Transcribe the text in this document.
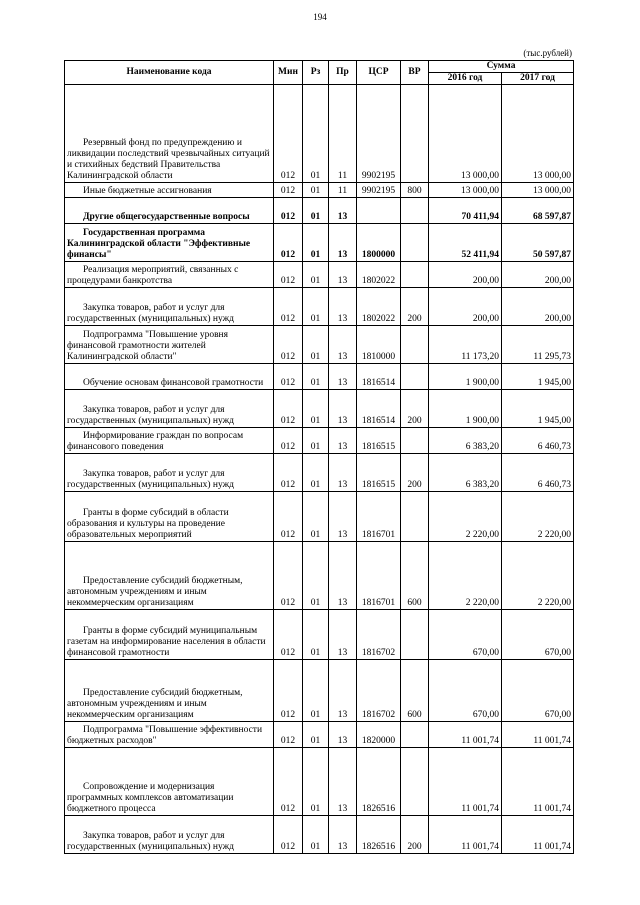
194
(тыс.рублей)
Наименование кода	Мин	Рз	Пр	ЦСР	ВР	Сумма	
						2016 год	2017 год
Резервный фонд по предупреждению и ликвидации последствий чрезвычайных ситуаций и стихийных бедствий Правительства Калининградской области	012	01	11	9902195		13 000,00	13 000,00
Иные бюджетные ассигнования	012	01	11	9902195	800	13 000,00	13 000,00
Другие общегосударственные вопросы	012	01	13			70 411,94	68 597,87
Государственная программа Калининградской области "Эффективные финансы"	012	01	13	1800000		52 411,94	50 597,87
Реализация мероприятий, связанных с процедурами банкротства	012	01	13	1802022		200,00	200,00
Закупка товаров, работ и услуг для государственных (муниципальных) нужд	012	01	13	1802022	200	200,00	200,00
Подпрограмма "Повышение уровня финансовой грамотности жителей Калининградской области"	012	01	13	1810000		11 173,20	11 295,73
Обучение основам финансовой грамотности	012	01	13	1816514		1 900,00	1 945,00
Закупка товаров, работ и услуг для государственных (муниципальных) нужд	012	01	13	1816514	200	1 900,00	1 945,00
Информирование граждан по вопросам финансового поведения	012	01	13	1816515		6 383,20	6 460,73
Закупка товаров, работ и услуг для государственных (муниципальных) нужд	012	01	13	1816515	200	6 383,20	6 460,73
Гранты в форме субсидий в области образования и культуры на проведение образовательных мероприятий	012	01	13	1816701		2 220,00	2 220,00
Предоставление субсидий бюджетным, автономным учреждениям и иным некоммерческим организациям	012	01	13	1816701	600	2 220,00	2 220,00
Гранты в форме субсидий муниципальным газетам на информирование населения в области финансовой грамотности	012	01	13	1816702		670,00	670,00
Предоставление субсидий бюджетным, автономным учреждениям и иным некоммерческим организациям	012	01	13	1816702	600	670,00	670,00
Подпрограмма "Повышение эффективности бюджетных расходов"	012	01	13	1820000		11 001,74	11 001,74
Сопровождение и модернизация программных комплексов автоматизации бюджетного процесса	012	01	13	1826516		11 001,74	11 001,74
Закупка товаров, работ и услуг для государственных (муниципальных) нужд	012	01	13	1826516	200	11 001,74	11 001,74
